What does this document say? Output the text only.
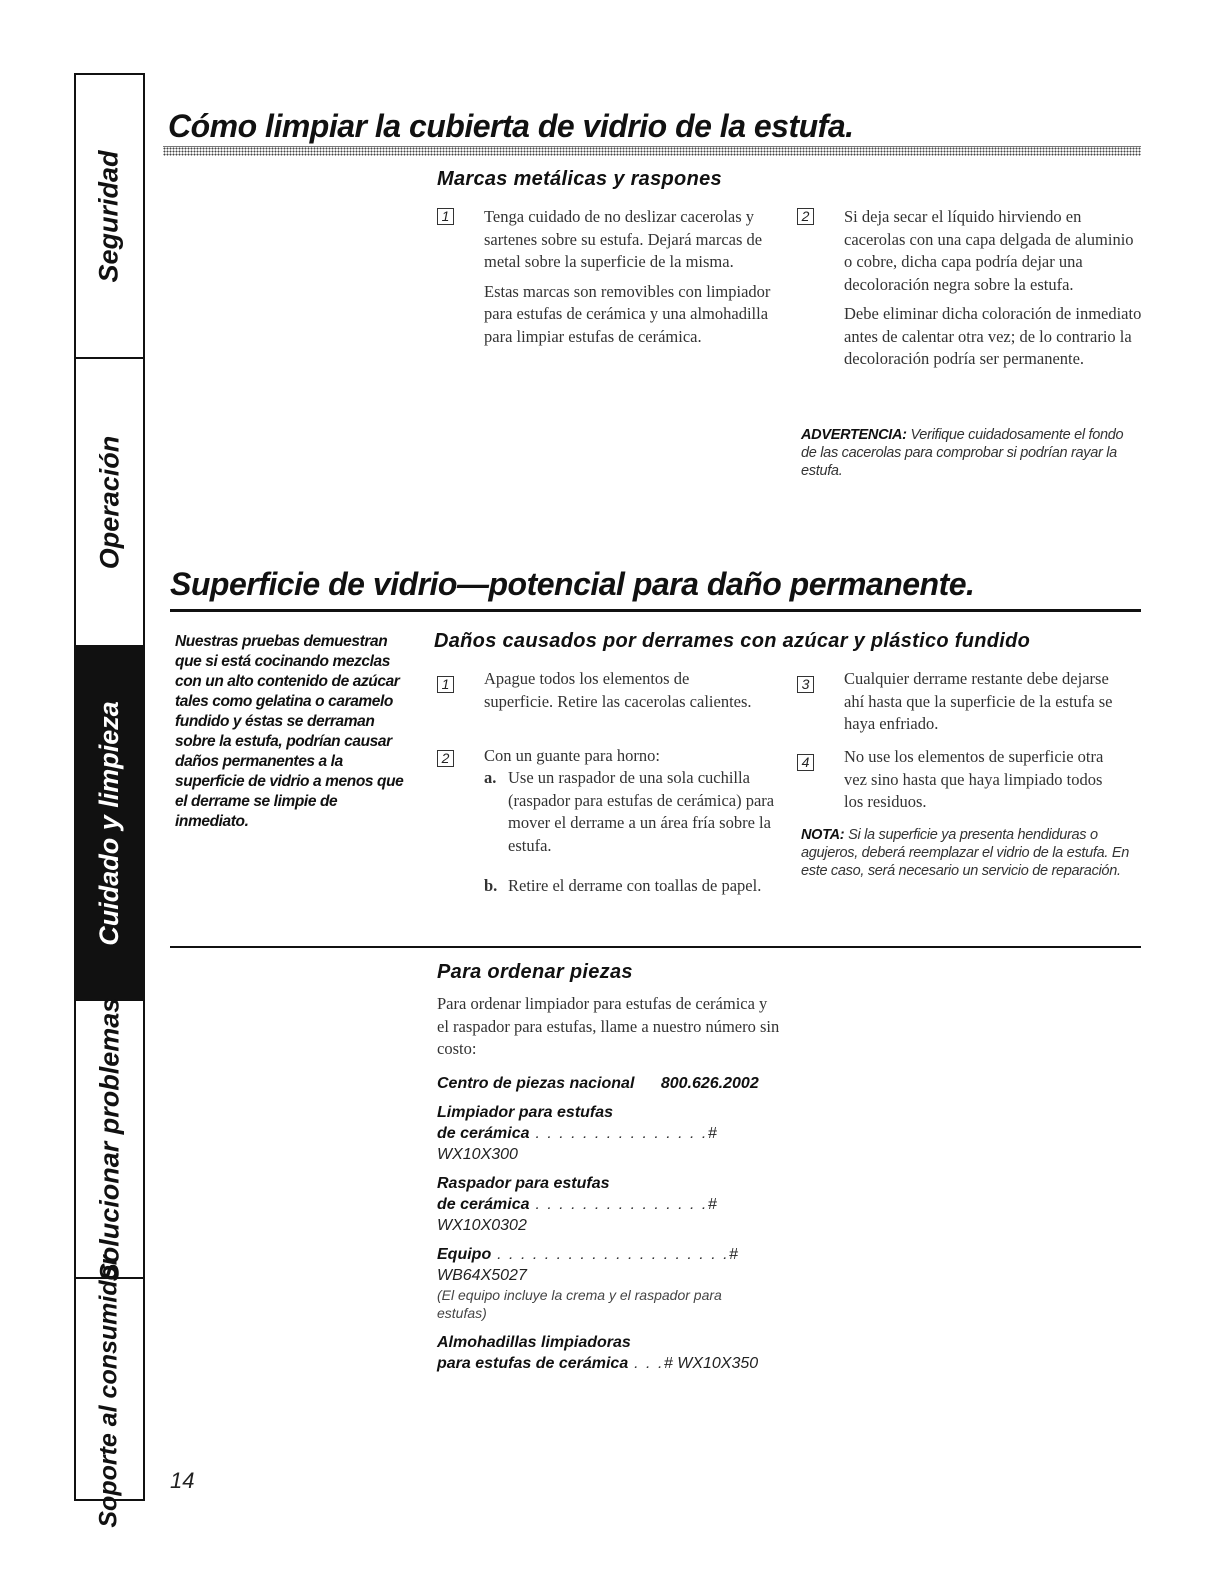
Seguridad
Operación
Cuidado y limpieza
Solucionar problemas
Soporte al consumidor
Cómo limpiar la cubierta de vidrio de la estufa.
Marcas metálicas y raspones
1 Tenga cuidado de no deslizar cacerolas y sartenes sobre su estufa. Dejará marcas de metal sobre la superficie de la misma.

Estas marcas son removibles con limpiador para estufas de cerámica y una almohadilla para limpiar estufas de cerámica.

2 Si deja secar el líquido hirviendo en cacerolas con una capa delgada de aluminio o cobre, dicha capa podría dejar una decoloración negra sobre la estufa.

Debe eliminar dicha coloración de inmediato antes de calentar otra vez; de lo contrario la decoloración podría ser permanente.

ADVERTENCIA: Verifique cuidadosamente el fondo de las cacerolas para comprobar si podrían rayar la estufa.
Superficie de vidrio—potencial para daño permanente.
Nuestras pruebas demuestran que si está cocinando mezclas con un alto contenido de azúcar tales como gelatina o caramelo fundido y éstas se derraman sobre la estufa, podrían causar daños permanentes a la superficie de vidrio a menos que el derrame se limpie de inmediato.
Daños causados por derrames con azúcar y plástico fundido
1 Apague todos los elementos de superficie. Retire las cacerolas calientes.
2 Con un guante para horno:
a. Use un raspador de una sola cuchilla (raspador para estufas de cerámica) para mover el derrame a un área fría sobre la estufa.
b. Retire el derrame con toallas de papel.
3 Cualquier derrame restante debe dejarse ahí hasta que la superficie de la estufa se haya enfriado.
4 No use los elementos de superficie otra vez sino hasta que haya limpiado todos los residuos.
NOTA: Si la superficie ya presenta hendiduras o agujeros, deberá reemplazar el vidrio de la estufa. En este caso, será necesario un servicio de reparación.
Para ordenar piezas
Para ordenar limpiador para estufas de cerámica y el raspador para estufas, llame a nuestro número sin costo:
Centro de piezas nacional 800.626.2002
Limpiador para estufas
de cerámica . . . . . . . . . . . . . . .# WX10X300
Raspador para estufas
de cerámica . . . . . . . . . . . . . . .# WX10X0302
Equipo . . . . . . . . . . . . . . . . . . . .# WB64X5027
(El equipo incluye la crema y el raspador para estufas)
Almohadillas limpiadoras
para estufas de cerámica . . .# WX10X350
14
